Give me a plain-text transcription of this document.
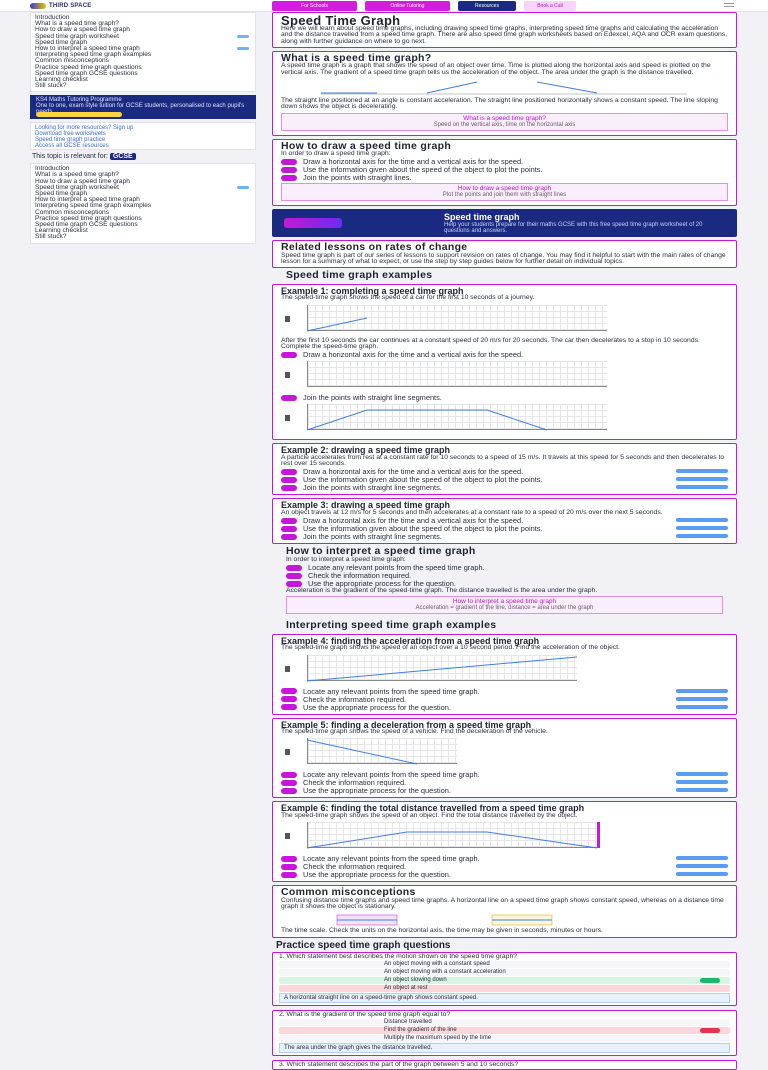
THIRD SPACE	For Schools	Online Tutoring	Resources	Book a Call
Introduction
What is a speed time graph?
How to draw a speed time graph
Speed time graph worksheet
Speed time graph
How to interpret a speed time graph
Interpreting speed time graph examples
Common misconceptions
Practice speed time graph questions
Speed time graph GCSE questions
Learning checklist
Still stuck?
KS4 Maths Tutoring Programme
One to one, exam style tuition for GCSE students, personalised to each pupil's
Looking for more resources? Sign up
Download free worksheets
Speed time graph practice
Access all GCSE resources
This topic is relevant for: GCSE
Introduction
What is a speed time graph?
How to draw a speed time graph
Speed time graph worksheet
Speed time graph
How to interpret a speed time graph
Interpreting speed time graph examples
Common misconceptions
Practice speed time graph questions
Speed time graph GCSE questions
Learning checklist
Still stuck?
Speed Time Graph
Here we will learn about speed time graphs, including drawing speed time graphs, interpreting speed time graphs and calculating the acceleration and the distance travelled from a speed time graph. There are also speed time graph worksheets based on Edexcel, AQA and OCR exam questions, along with further guidance on where to go next.
What is a speed time graph?
A speed time graph is a graph that shows the speed of an object over time. Time is plotted along the horizontal axis and speed is plotted on the vertical axis. The gradient of a speed time graph tells us the acceleration of the object. The area under the graph is the distance travelled.
The straight line positioned at an angle is constant acceleration. The straight line positioned horizontally shows a constant speed. The line sloping down shows the object is decelerating.
What is a speed time graph?
Speed on the vertical axis, time on the horizontal axis
How to draw a speed time graph
In order to draw a speed time graph:
Draw a horizontal axis for the time and a vertical axis for the speed.
Use the information given about the speed of the object to plot the points.
Join the points with straight lines.
How to draw a speed time graph
Plot the points and join them with straight lines
Speed time graph
Help your students prepare for their maths GCSE with this free speed time graph worksheet of 20 questions and answers.
Related lessons on rates of change
Speed time graph is part of our series of lessons to support revision on rates of change. You may find it helpful to start with the main rates of change lesson for a summary of what to expect, or use the step by step guides below for further detail on individual topics.
Speed time graph examples
Example 1: completing a speed time graph
The speed-time graph shows the speed of a car for the first 10 seconds of a journey.
After the first 10 seconds the car continues at a constant speed of 20 m/s for 20 seconds. The car then decelerates to a stop in 10 seconds. Complete the speed-time graph.
Draw a horizontal axis for the time and a vertical axis for the speed.
Join the points with straight line segments.
Example 2: drawing a speed time graph
A particle accelerates from rest at a constant rate for 10 seconds to a speed of 15 m/s. It travels at this speed for 5 seconds and then decelerates to rest over 15 seconds.
Draw a horizontal axis for the time and a vertical axis for the speed.
Use the information given about the speed of the object to plot the points.
Join the points with straight line segments.
Example 3: drawing a speed time graph
An object travels at 12 m/s for 5 seconds and then accelerates at a constant rate to a speed of 20 m/s over the next 5 seconds.
Draw a horizontal axis for the time and a vertical axis for the speed.
Use the information given about the speed of the object to plot the points.
Join the points with straight line segments.
How to interpret a speed time graph
In order to interpret a speed time graph:
Locate any relevant points from the speed time graph.
Check the information required.
Use the appropriate process for the question.
Acceleration is the gradient of the speed-time graph. The distance travelled is the area under the graph.
How to interpret a speed time graph
Acceleration = gradient of the line, distance = area under the graph
Interpreting speed time graph examples
Example 4: finding the acceleration from a speed time graph
The speed-time graph shows the speed of an object over a 10 second period. Find the acceleration of the object.
Locate any relevant points from the speed time graph.
Check the information required.
Use the appropriate process for the question.
Example 5: finding a deceleration from a speed time graph
The speed-time graph shows the speed of a vehicle. Find the deceleration of the vehicle.
Locate any relevant points from the speed time graph.
Check the information required.
Use the appropriate process for the question.
Example 6: finding the total distance travelled from a speed time graph
The speed-time graph shows the speed of an object. Find the total distance travelled by the object.
Locate any relevant points from the speed time graph.
Check the information required.
Use the appropriate process for the question.
Common misconceptions
Confusing distance time graphs and speed time graphs. A horizontal line on a speed time graph shows constant speed, whereas on a distance time graph it shows the object is stationary.
The time scale. Check the units on the horizontal axis, the time may be given in seconds, minutes or hours.
Practice speed time graph questions
1. Which statement best describes the motion shown on the speed time graph?
An object moving with a constant speed
An object moving with a constant acceleration
An object slowing down
An object at rest
A horizontal straight line on a speed-time graph shows constant speed.
2. What is the gradient of the speed time graph equal to?
Distance travelled
Find the gradient of the line
Multiply the maximum speed by the time
The area under the graph gives the distance travelled.
3. Which statement describes the part of the graph between 5 and 10 seconds?
